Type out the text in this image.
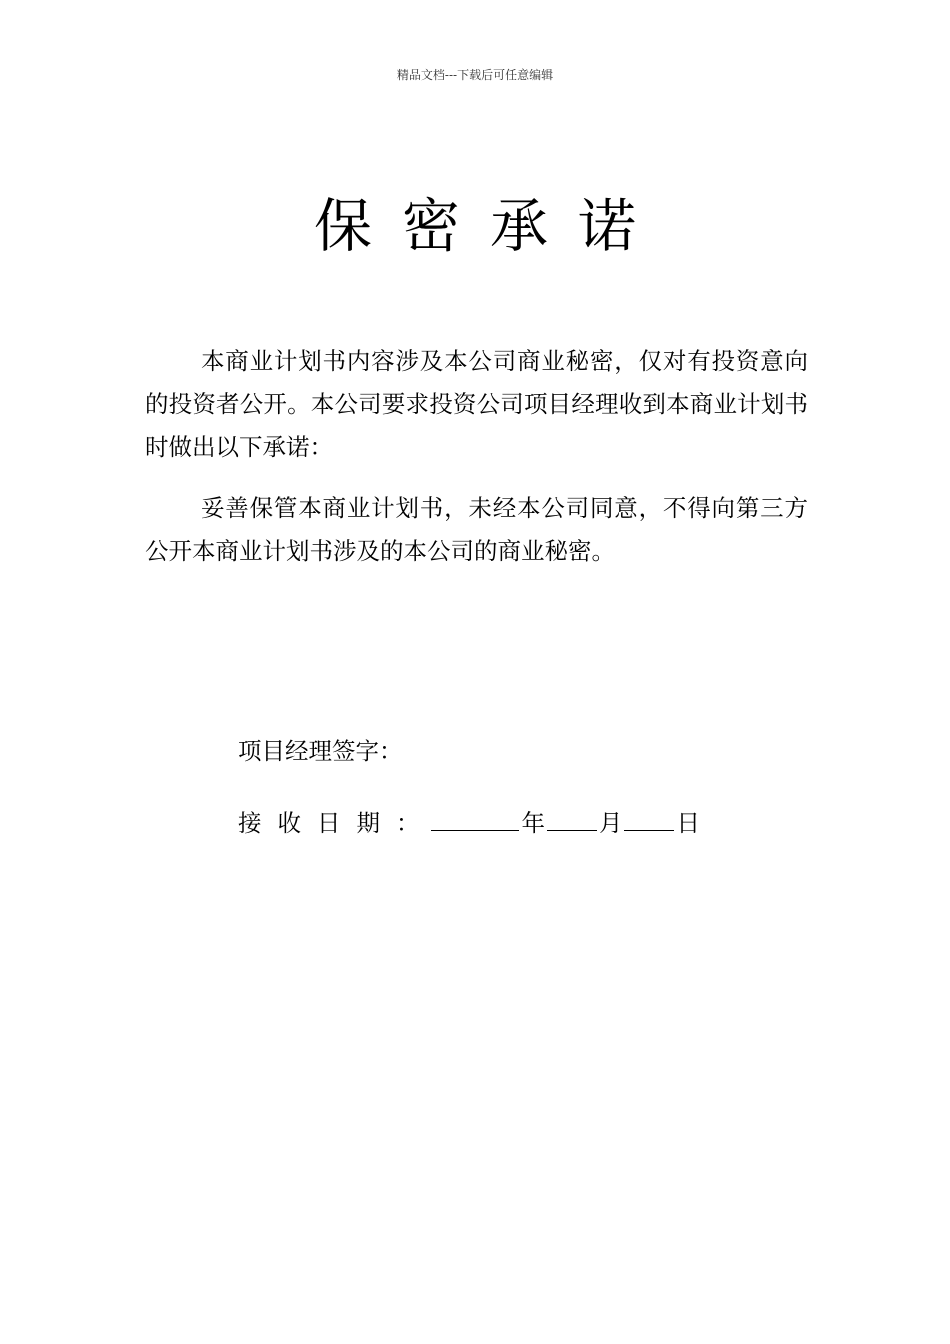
精品文档---下载后可任意编辑
保密承诺

本商业计划书内容涉及本公司商业秘密，仅对有投资意向的投资者公开。本公司要求投资公司项目经理收到本商业计划书时做出以下承诺：

妥善保管本商业计划书，未经本公司同意，不得向第三方公开本商业计划书涉及的本公司的商业秘密。

项目经理签字：
接收日期：	年 月 日
